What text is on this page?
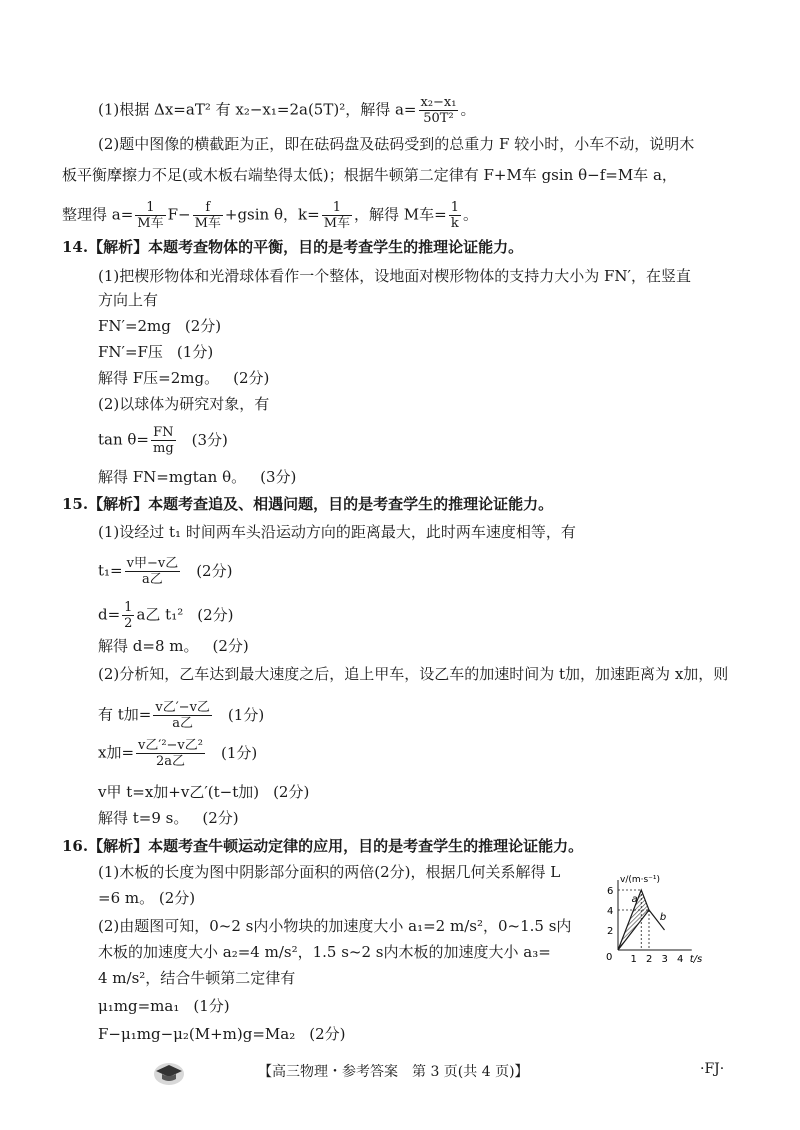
(1)根据 Δx=aT² 有 x₂−x₁=2a(5T)²，解得 $a= \frac{\text{x₂−x₁}}{\text{50T²}}$ 。
(2)题中图像的横截距为正，即在砝码盘及砝码受到的总重力 F 较小时，小车不动，说明木
板平衡摩擦力不足(或木板右端垫得太低)；根据牛顿第二定律有 F+M车 gsin θ−f=M车 a，
整理得 $a= \frac{1}{\text{M车}} F- \frac{f}{\text{M车}} +gsin$ θ，$k= \frac{1}{\text{M车}}$ ，解得 M车= $\frac{1}{k}$ 。
14.【解析】本题考查物体的平衡，目的是考查学生的推理论证能力。
(1)把楔形物体和光滑球体看作一个整体，设地面对楔形物体的支持力大小为 FN′，在竖直
方向上有
FN′=2mg (2分)
FN′=F压 (1分)
解得 F压=2mg。 (2分)
(2)以球体为研究对象，有
$\tan \theta= \frac{FN}{mg} (3$分)
解得 FN=mgtan θ。 (3分)
15.【解析】本题考查追及、相遇问题，目的是考查学生的推理论证能力。
(1)设经过 t₁ 时间两车头沿运动方向的距离最大，此时两车速度相等，有
$t_1= \frac{\text{v甲−v乙}}{\text{a乙}} (2$分)
$d= \frac{1}{2}$ a乙 t₁² (2分)
解得 d=8 m。 (2分)
(2)分析知，乙车达到最大速度之后，追上甲车，设乙车的加速时间为 t加，加速距离为 x加，则
有 t加= $\frac{\text{v乙′−v乙}}{\text{a乙}} (1$分)
x加= $\frac{\text{v乙′²−v乙²}}{\text{2a乙}} (1$分)
v甲 t=x加+v乙′(t−t加) (2分)
解得 t=9 s。 (2分)
16.【解析】本题考查牛顿运动定律的应用，目的是考查学生的推理论证能力。
(1)木板的长度为图中阴影部分面积的两倍(2分)，根据几何关系解得 L
=6 m。 (2分)
(2)由题图可知，0~2 s内小物块的加速度大小 a₁=2 m/s²，0~1.5 s内
木板的加速度大小 a₂=4 m/s²，1.5 s~2 s内木板的加速度大小 a₃=
4 m/s²，结合牛顿第二定律有
μ₁mg=ma₁ (1分)
F−μ₁mg−μ₂(M+m)g=Ma₂ (2分)
1 2 3 4
2
4
6
v/(m·s⁻¹)
t/s
0
a
b
【高三物理・参考答案　第 3 页(共 4 页)】	·FJ·
